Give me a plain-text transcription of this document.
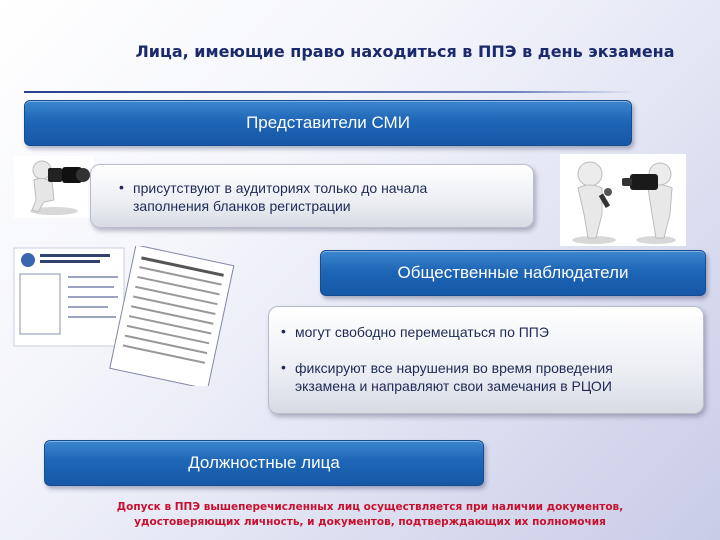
Лица, имеющие право находиться в ППЭ в день экзамена
Представители СМИ
• присутствуют в аудиториях только до начала
заполнения бланков регистрации
Общественные наблюдатели
• могут свободно перемещаться по ППЭ
• фиксируют все нарушения во время проведения
экзамена и направляют свои замечания в РЦОИ
Должностные лица
Допуск в ППЭ вышеперечисленных лиц осуществляется при наличии документов,
удостоверяющих личность, и документов, подтверждающих их полномочия
